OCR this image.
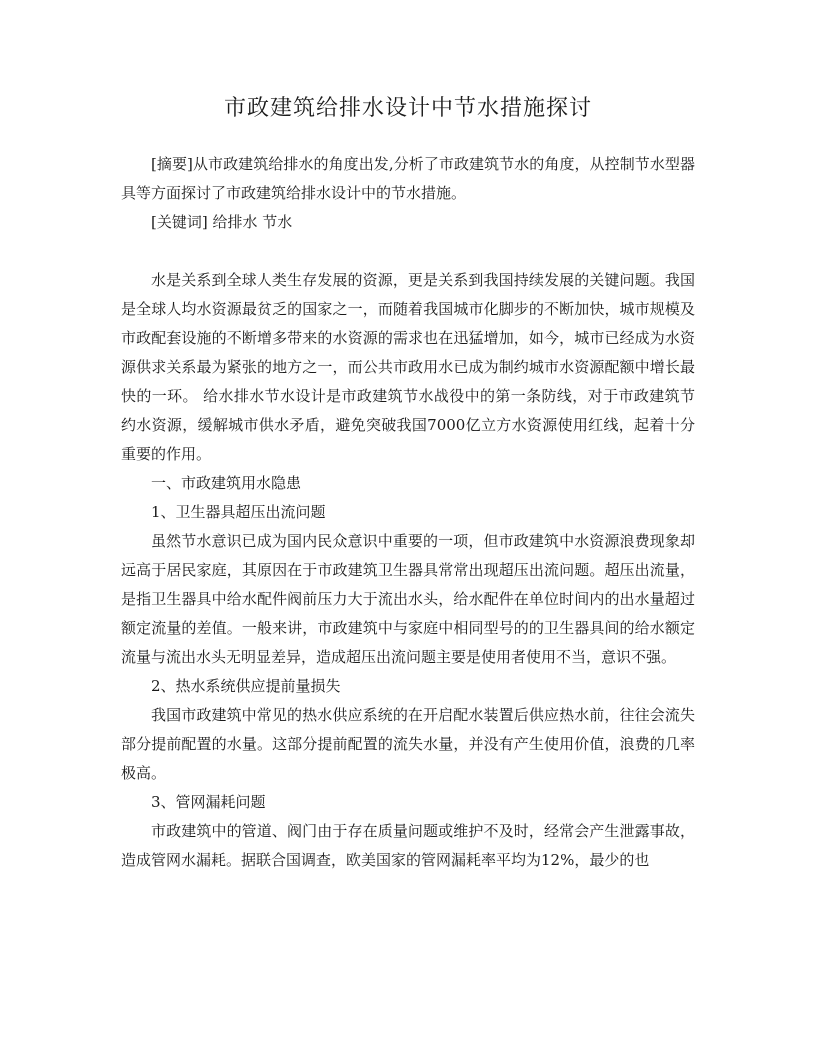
市政建筑给排水设计中节水措施探讨

[摘要]从市政建筑给排水的角度出发,分析了市政建筑节水的角度，从控制节水型器具等方面探讨了市政建筑给排水设计中的节水措施。

[关键词] 给排水 节水

水是关系到全球人类生存发展的资源，更是关系到我国持续发展的关键问题。我国是全球人均水资源最贫乏的国家之一，而随着我国城市化脚步的不断加快，城市规模及市政配套设施的不断增多带来的水资源的需求也在迅猛增加，如今，城市已经成为水资源供求关系最为紧张的地方之一，而公共市政用水已成为制约城市水资源配额中增长最快的一环。 给水排水节水设计是市政建筑节水战役中的第一条防线，对于市政建筑节约水资源，缓解城市供水矛盾，避免突破我国7000亿立方水资源使用红线，起着十分重要的作用。

一、市政建筑用水隐患

1、卫生器具超压出流问题

虽然节水意识已成为国内民众意识中重要的一项，但市政建筑中水资源浪费现象却远高于居民家庭，其原因在于市政建筑卫生器具常常出现超压出流问题。超压出流量，是指卫生器具中给水配件阀前压力大于流出水头，给水配件在单位时间内的出水量超过额定流量的差值。一般来讲，市政建筑中与家庭中相同型号的的卫生器具间的给水额定流量与流出水头无明显差异，造成超压出流问题主要是使用者使用不当，意识不强。

2、热水系统供应提前量损失

我国市政建筑中常见的热水供应系统的在开启配水装置后供应热水前，往往会流失部分提前配置的水量。这部分提前配置的流失水量，并没有产生使用价值，浪费的几率极高。

3、管网漏耗问题

市政建筑中的管道、阀门由于存在质量问题或维护不及时，经常会产生泄露事故，造成管网水漏耗。据联合国调查，欧美国家的管网漏耗率平均为12%，最少的也
